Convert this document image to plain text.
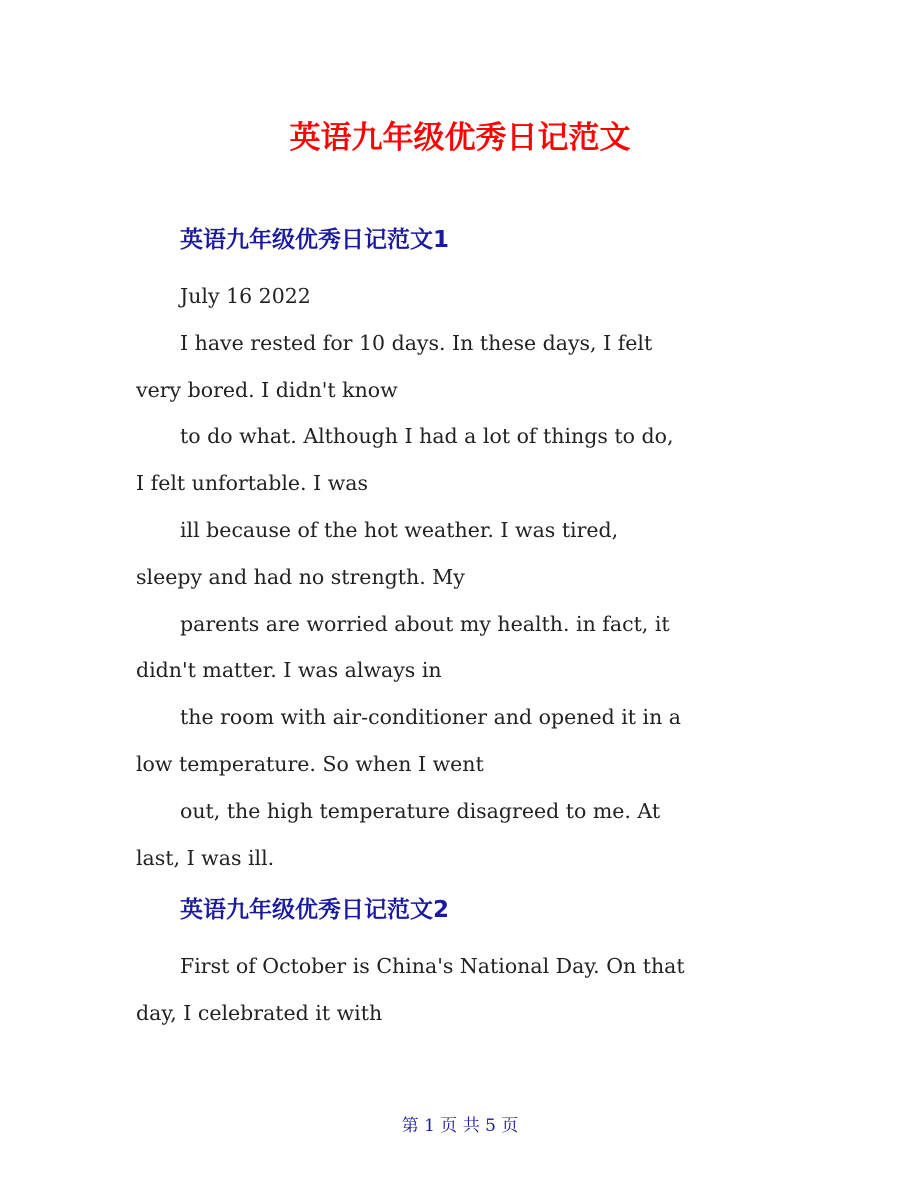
英语九年级优秀日记范文
英语九年级优秀日记范文1

July 16 2022

I have rested for 10 days. In these days, I felt

very bored. I didn't know

to do what. Although I had a lot of things to do,

I felt unfortable. I was

ill because of the hot weather. I was tired,

sleepy and had no strength. My

parents are worried about my health. in fact, it

didn't matter. I was always in

the room with air-conditioner and opened it in a

low temperature. So when I went

out, the high temperature disagreed to me. At

last, I was ill.

英语九年级优秀日记范文2

First of October is China's National Day. On that

day, I celebrated it with

第 1 页 共 5 页
